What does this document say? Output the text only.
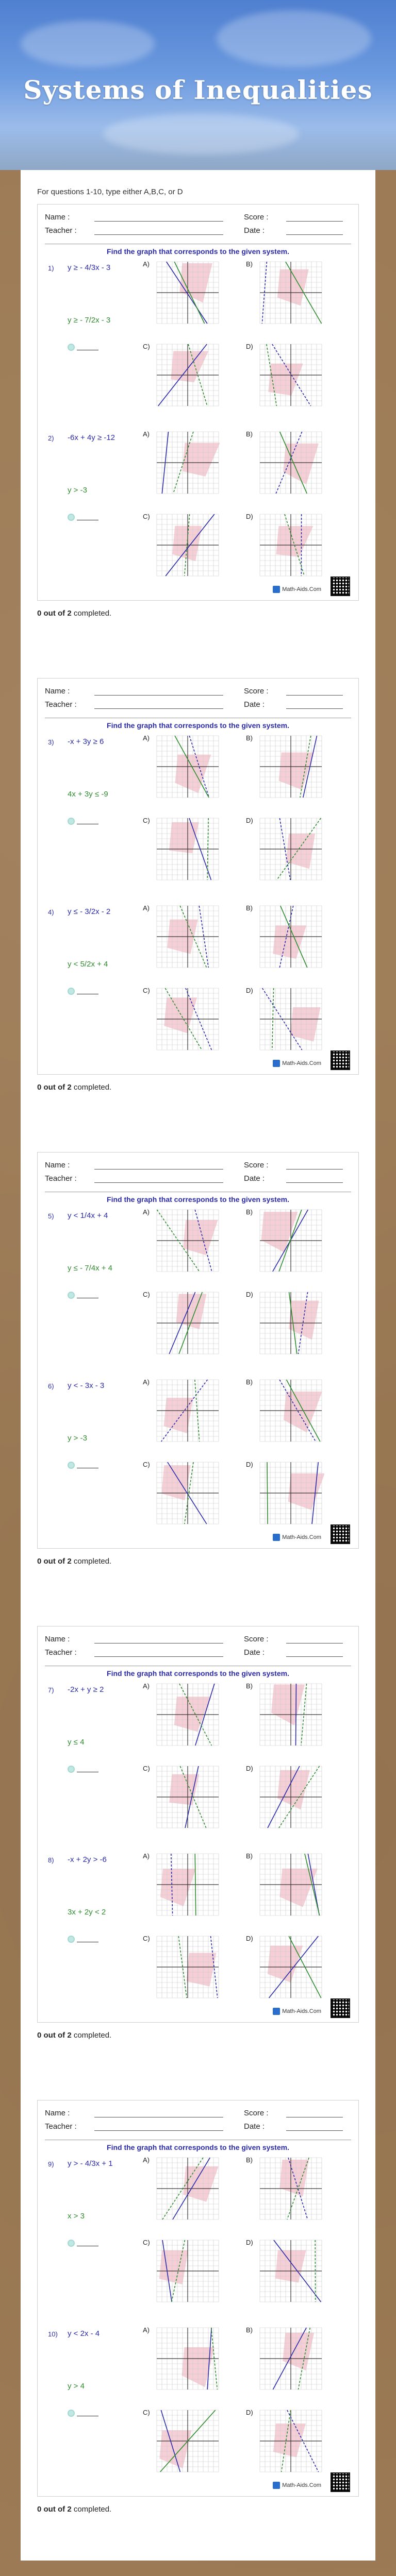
Systems of Inequalities
For questions 1-10, type either A,B,C, or D
Name :
Teacher :
Score :
Date :
Find the graph that corresponds to the given system.
1) y ≥ - 4/3x - 3
y ≥ - 7/2x - 3
A)	B)
C)	D)
2) -6x + 4y ≥ -12
y > -3
A)	B)
C)	D)
Math-Aids.Com
0 out of 2 completed.
Name :
Teacher :
Score :
Date :
Find the graph that corresponds to the given system.
3) -x + 3y ≥ 6
4x + 3y ≤ -9
A)	B)
C)	D)
4) y ≤ - 3/2x - 2
y < 5/2x + 4
A)	B)
C)	D)
Math-Aids.Com
0 out of 2 completed.
Name :
Teacher :
Score :
Date :
Find the graph that corresponds to the given system.
5) y < 1/4x + 4
y ≤ - 7/4x + 4
A)	B)
C)	D)
6) y < - 3x - 3
y > -3
A)	B)
C)	D)
Math-Aids.Com
0 out of 2 completed.
Name :
Teacher :
Score :
Date :
Find the graph that corresponds to the given system.
7) -2x + y ≥ 2
y ≤ 4
A)	B)
C)	D)
8) -x + 2y > -6
3x + 2y < 2
A)	B)
C)	D)
Math-Aids.Com
0 out of 2 completed.
Name :
Teacher :
Score :
Date :
Find the graph that corresponds to the given system.
9) y > - 4/3x + 1
x > 3
A)	B)
C)	D)
10) y < 2x - 4
y > 4
A)	B)
C)	D)
Math-Aids.Com
0 out of 2 completed.
